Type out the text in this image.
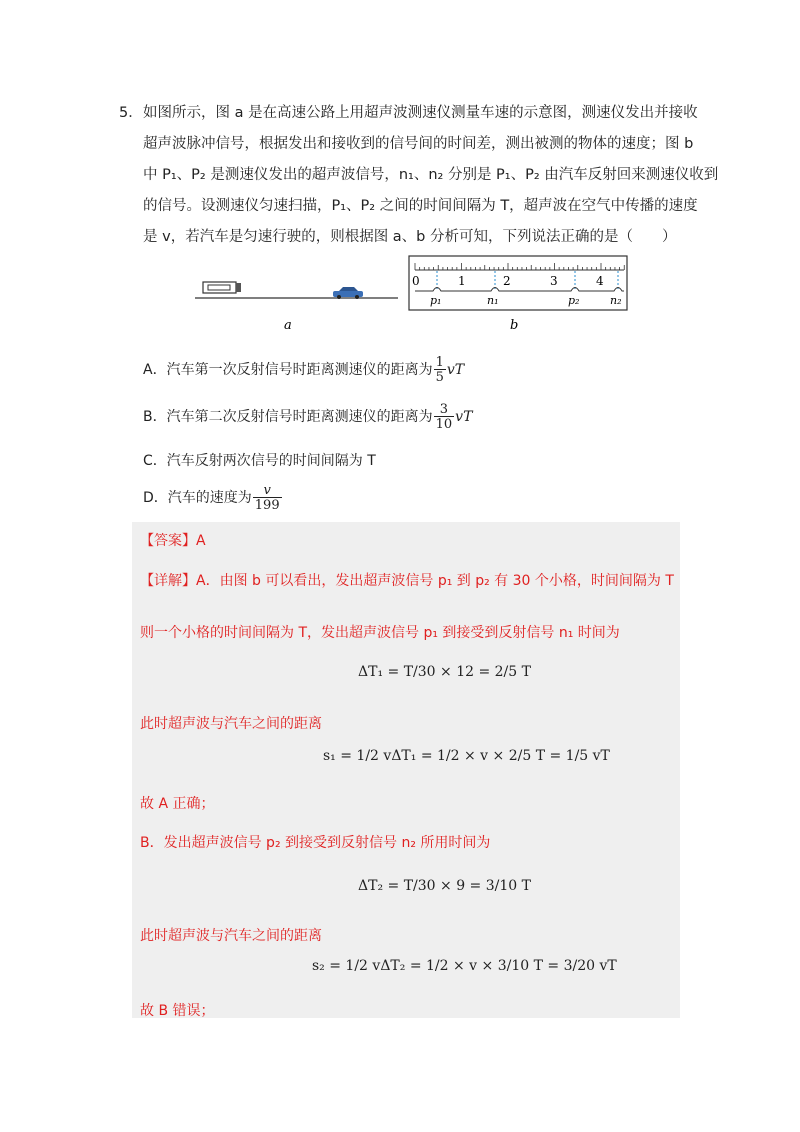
5． 如图所示，图 a 是在高速公路上用超声波测速仪测量车速的示意图，测速仪发出并接收
超声波脉冲信号，根据发出和接收到的信号间的时间差，测出被测的物体的速度；图 b
中 P₁、P₂ 是测速仪发出的超声波信号，n₁、n₂ 分别是 P₁、P₂ 由汽车反射回来测速仪收到
的信号。设测速仪匀速扫描，P₁、P₂ 之间的时间间隔为 T，超声波在空气中传播的速度
是 v，若汽车是匀速行驶的，则根据图 a、b 分析可知，下列说法正确的是（　　）
0	1	2	3	4
p₁	n₁	p₂	n₂
a	b
A．汽车第一次反射信号时距离测速仪的距离为 $\frac{1}{5}$ vT
B．汽车第二次反射信号时距离测速仪的距离为 $\frac{3}{10}$ vT
C．汽车反射两次信号的时间间隔为 T
D．汽车的速度为 $\frac{v}{199}$
【答案】A
【详解】A．由图 b 可以看出，发出超声波信号 p₁ 到 p₂ 有 30 个小格，时间间隔为 T
则一个小格的时间间隔为 T，发出超声波信号 p₁ 到接受到反射信号 n₁ 时间为
ΔT₁ = T/30 × 12 = 2/5 T
此时超声波与汽车之间的距离
s₁ = 1/2 vΔT₁ = 1/2 × v × 2/5 T = 1/5 vT
故 A 正确；
B．发出超声波信号 p₂ 到接受到反射信号 n₂ 所用时间为
ΔT₂ = T/30 × 9 = 3/10 T
此时超声波与汽车之间的距离
s₂ = 1/2 vΔT₂ = 1/2 × v × 3/10 T = 3/20 vT
故 B 错误；
